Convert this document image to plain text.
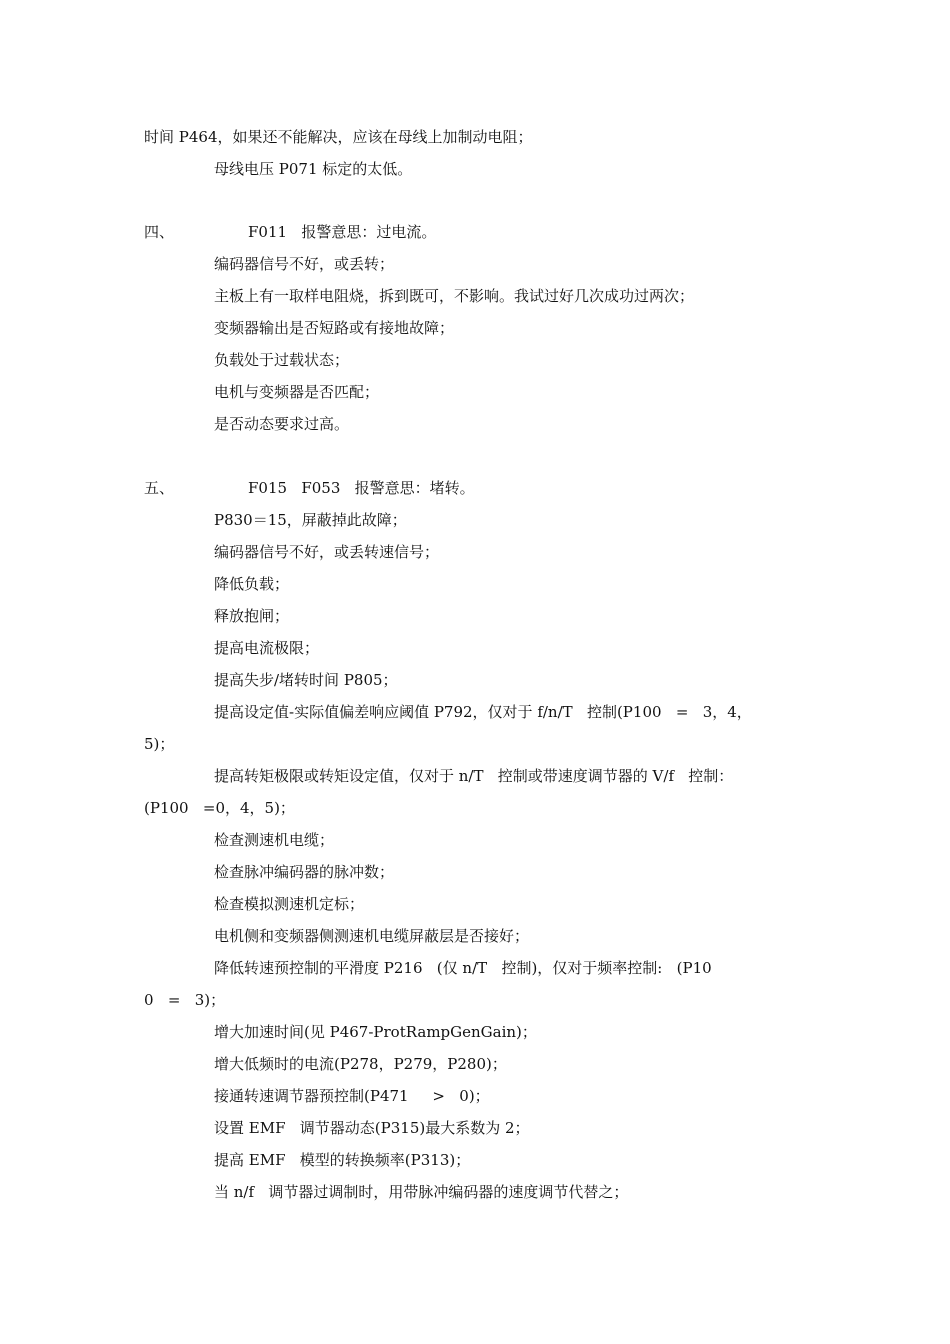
时间 P464，如果还不能解决，应该在母线上加制动电阻；
母线电压 P071 标定的太低。
四、	F011   报警意思：过电流。
编码器信号不好，或丢转；
主板上有一取样电阻烧，拆到既可，不影响。我试过好几次成功过两次；
变频器输出是否短路或有接地故障；
负载处于过载状态；
电机与变频器是否匹配；
是否动态要求过高。
五、	F015   F053   报警意思：堵转。
P830＝15，屏蔽掉此故障；
编码器信号不好，或丢转速信号；
降低负载；
释放抱闸；
提高电流极限；
提高失步/堵转时间 P805；
提高设定值-实际值偏差响应阈值 P792，仅对于 f/n/T   控制(P100   =   3，4，
5)；
提高转矩极限或转矩设定值，仅对于 n/T   控制或带速度调节器的 V/f   控制：
(P100   =0，4，5)；
检查测速机电缆；
检查脉冲编码器的脉冲数；
检查模拟测速机定标；
电机侧和变频器侧测速机电缆屏蔽层是否接好；
降低转速预控制的平滑度 P216   (仅 n/T   控制)，仅对于频率控制:   (P10
0   =   3)；
增大加速时间(见 P467-ProtRampGenGain)；
增大低频时的电流(P278，P279，P280)；
接通转速调节器预控制(P471     >   0)；
设置 EMF   调节器动态(P315)最大系数为 2；
提高 EMF   模型的转换频率(P313)；
当 n/f   调节器过调制时，用带脉冲编码器的速度调节代替之；
